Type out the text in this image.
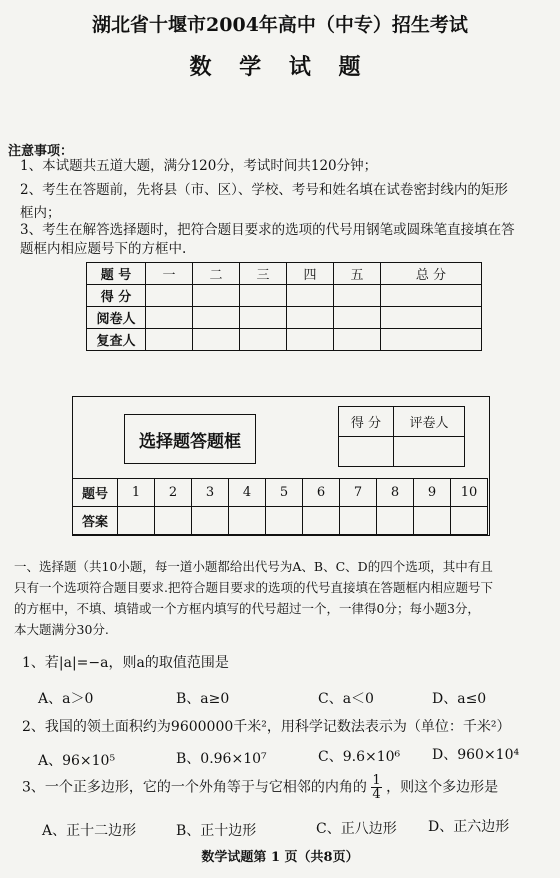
湖北省十堰市2004年高中（中专）招生考试
数 学 试 题
注意事项：
1、本试题共五道大题，满分120分，考试时间共120分钟；
2、考生在答题前，先将县（市、区）、学校、考号和姓名填在试卷密封线内的矩形
框内；
3、考生在解答选择题时，把符合题目要求的选项的代号用钢笔或圆珠笔直接填在答
题框内相应题号下的方框中.
题 号	一	二	三	四	五	总 分
得 分						
阅卷人						
复查人						
选择题答题框
得 分	评卷人

题号	1	2	3	4	5	6	7	8	9	10
答案										
一、选择题（共10小题，每一道小题都给出代号为A、B、C、D的四个选项，其中有且
只有一个选项符合题目要求.把符合题目要求的选项的代号直接填在答题框内相应题号下
的方框中，不填、填错或一个方框内填写的代号超过一个，一律得0分；每小题3分，
本大题满分30分.
1、若|a|=−a，则a的取值范围是
A、a＞0	B、a≥0	C、a＜0	D、a≤0
2、我国的领土面积约为9600000千米²，用科学记数法表示为（单位：千米²）
A、96×10⁵	B、0.96×10⁷	C、9.6×10⁶ D、960×10⁴
3、一个正多边形，它的一个外角等于与它相邻的内角的 $\frac{1}{4}$ ，则这个多边形是
A、正十二边形	B、正十边形	C、正八边形 D、正六边形
数学试题第 1 页（共8页）
